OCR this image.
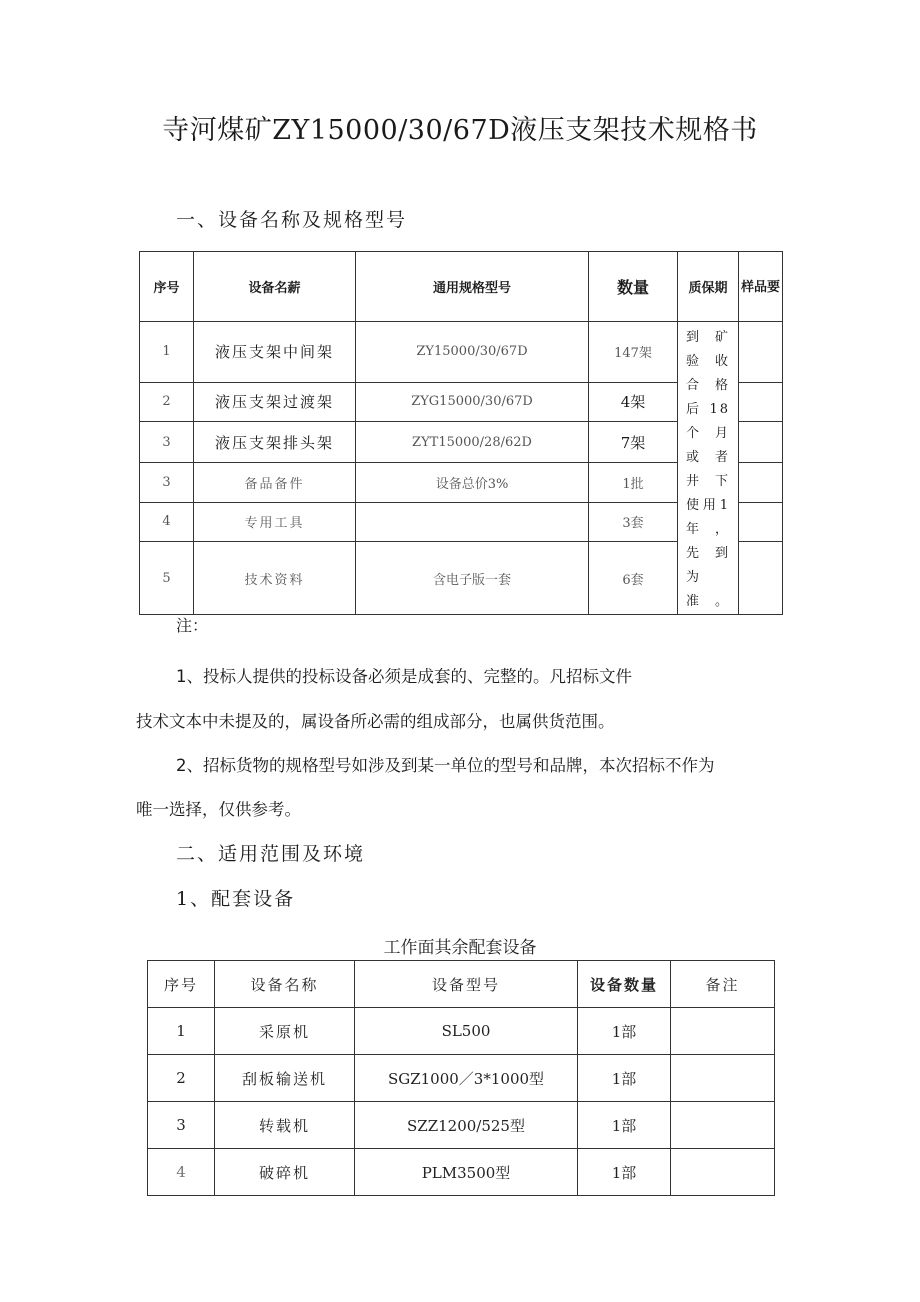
寺河煤矿ZY15000/30/67D液压支架技术规格书
一、设备名称及规格型号
序号	设备名薪	通用规格型号	数量	质保期	样品要
1	液压支架中间架	ZY15000/30/67D	147架	到矿验收合格后18个月或者井下使用1年，先到为准。	
2	液压支架过渡架	ZYG15000/30/67D	4架		
3	液压支架排头架	ZYT15000/28/62D	7架		
3	备品备件	设备总价3%	1批		
4	专用工具		3套		
5	技术资料	含电子版一套	6套		
注：
1、投标人提供的投标设备必须是成套的、完整的。凡招标文件
技术文本中未提及的，属设备所必需的组成部分，也属供货范围。
2、招标货物的规格型号如涉及到某一单位的型号和品牌，本次招标不作为
唯一选择，仅供参考。
二、适用范围及环境
1、配套设备
工作面其余配套设备
序号	设备名称	设备型号	设备数量	备注
1	采原机	SL500	1部	
2	刮板输送机	SGZ1000／3*1000型	1部	
3	转载机	SZZ1200/525型	1部	
4	破碎机	PLM3500型	1部	
